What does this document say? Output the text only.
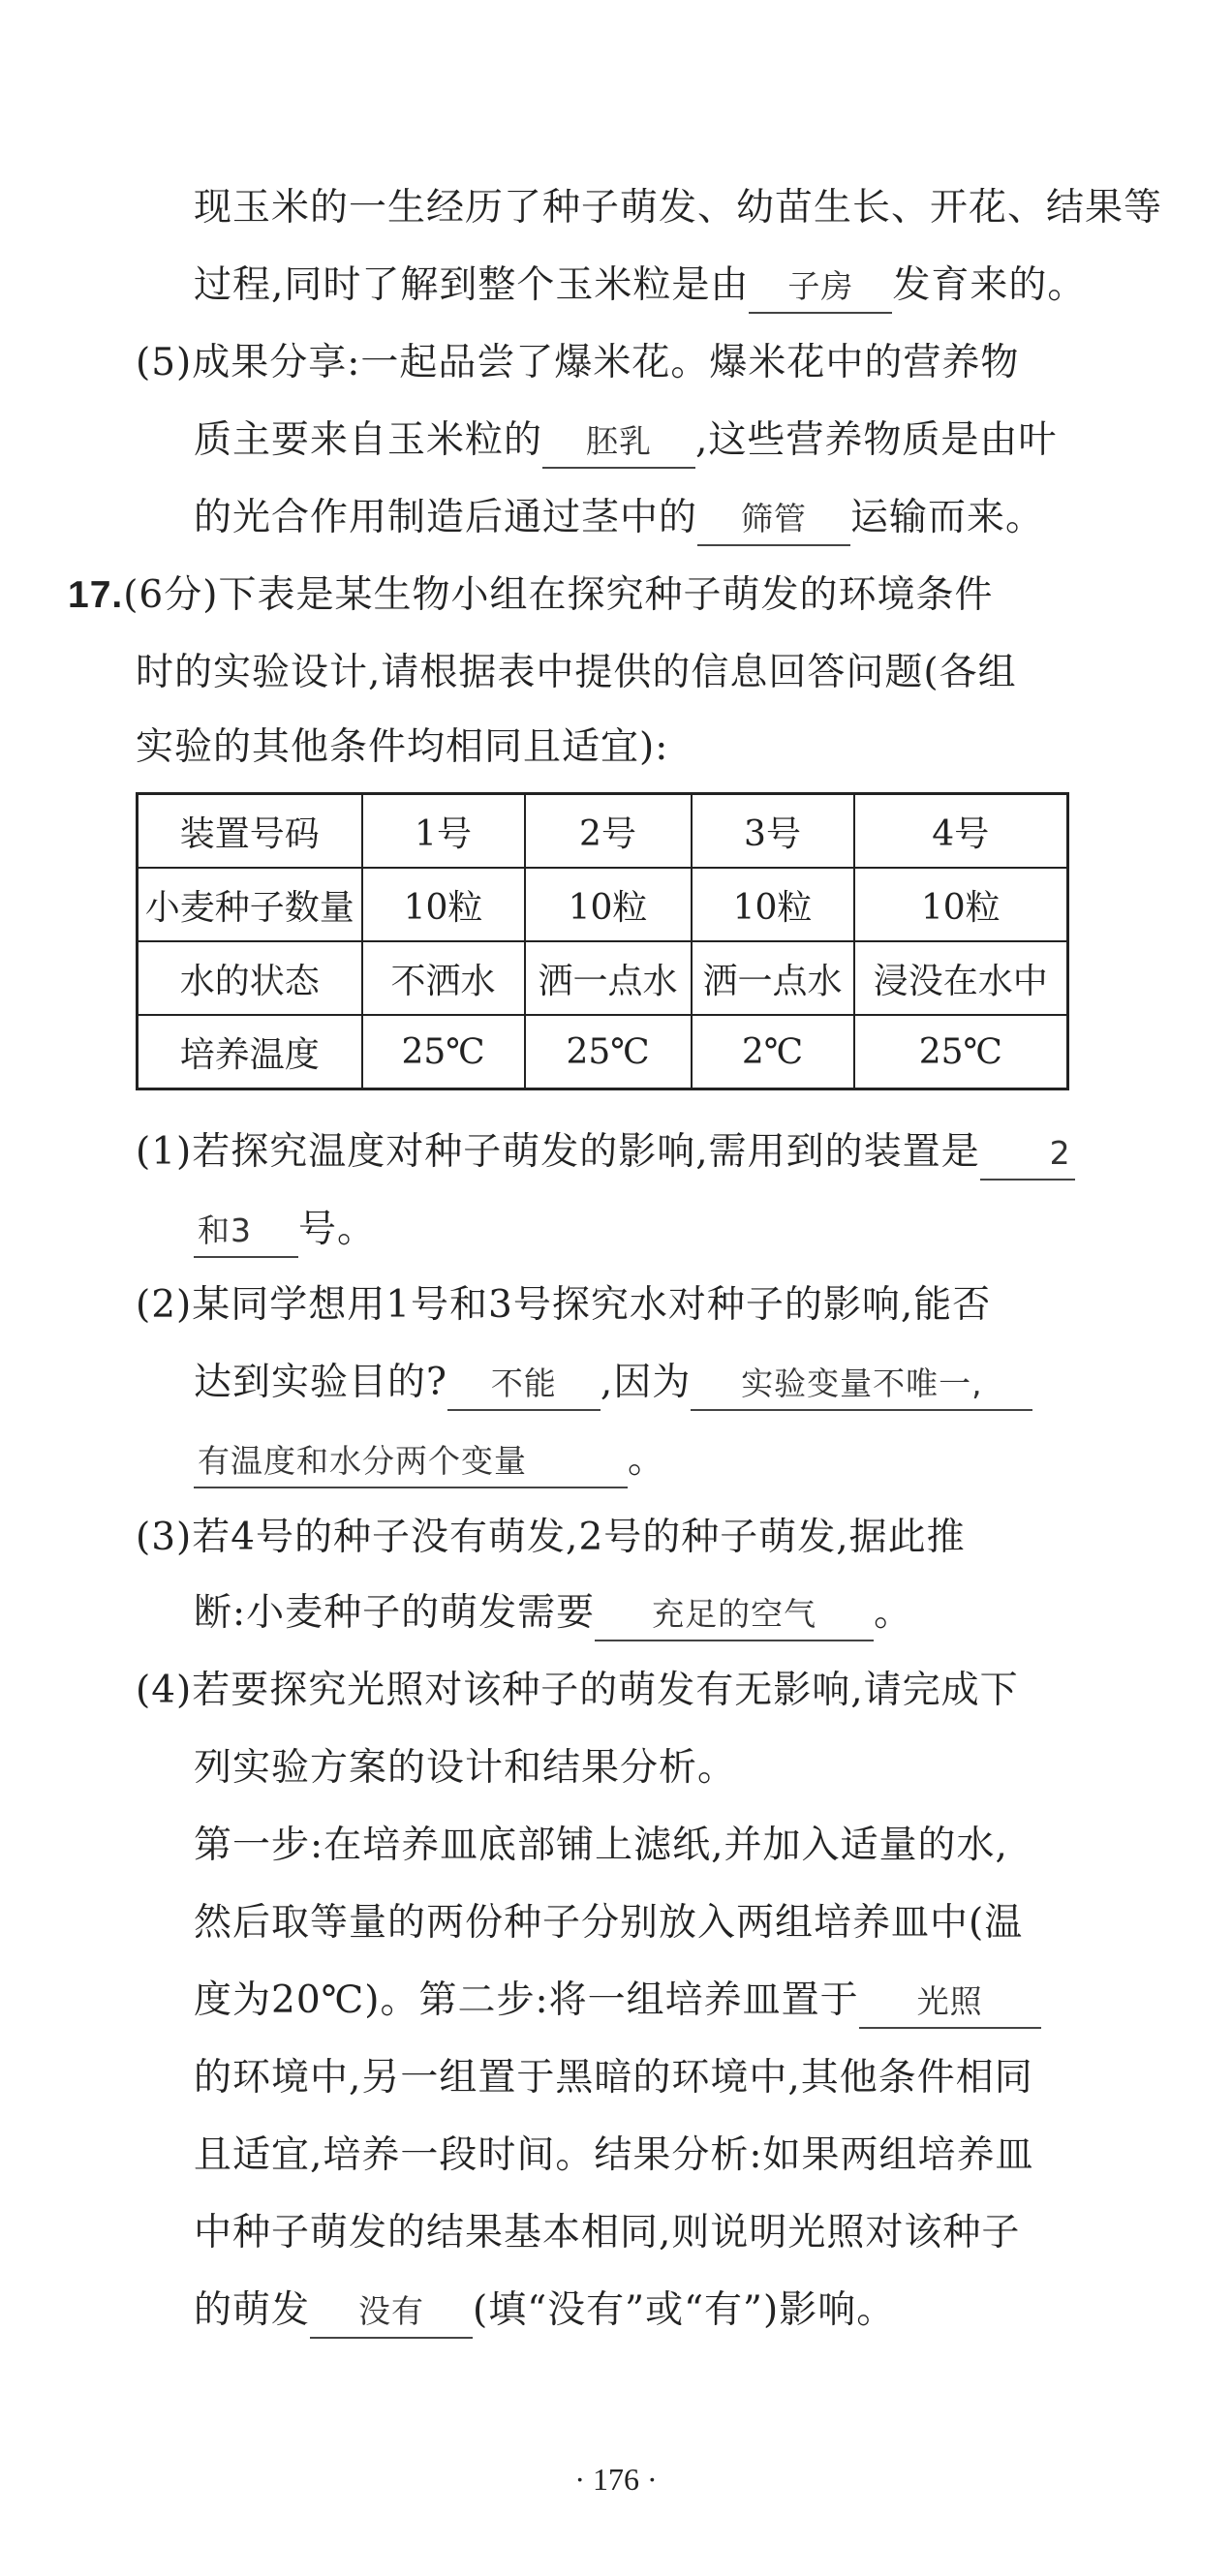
现玉米的一生经历了种子萌发、幼苗生长、开花、结果等
过程,同时了解到整个玉米粒是由 子房 发育来的。
(5)成果分享:一起品尝了爆米花。爆米花中的营养物
质主要来自玉米粒的 胚乳 ,这些营养物质是由叶
的光合作用制造后通过茎中的 筛管 运输而来。
17.(6分)下表是某生物小组在探究种子萌发的环境条件
时的实验设计,请根据表中提供的信息回答问题(各组
实验的其他条件均相同且适宜):
装置号码	1号	2号	3号	4号
小麦种子数量	10粒	10粒	10粒	10粒
水的状态	不洒水	洒一点水	洒一点水	浸没在水中
培养温度	25℃	25℃	2℃	25℃
(1)若探究温度对种子萌发的影响,需用到的装置是 2
和3 号。
(2)某同学想用1号和3号探究水对种子的影响,能否
达到实验目的? 不能 ,因为 实验变量不唯一,
有温度和水分两个变量	。
(3)若4号的种子没有萌发,2号的种子萌发,据此推
断:小麦种子的萌发需要 充足的空气 。
(4)若要探究光照对该种子的萌发有无影响,请完成下
列实验方案的设计和结果分析。
第一步:在培养皿底部铺上滤纸,并加入适量的水,
然后取等量的两份种子分别放入两组培养皿中(温
度为20℃)。第二步:将一组培养皿置于 光照
的环境中,另一组置于黑暗的环境中,其他条件相同
且适宜,培养一段时间。结果分析:如果两组培养皿
中种子萌发的结果基本相同,则说明光照对该种子
的萌发 没有 (填“没有”或“有”)影响。
· 176 ·
